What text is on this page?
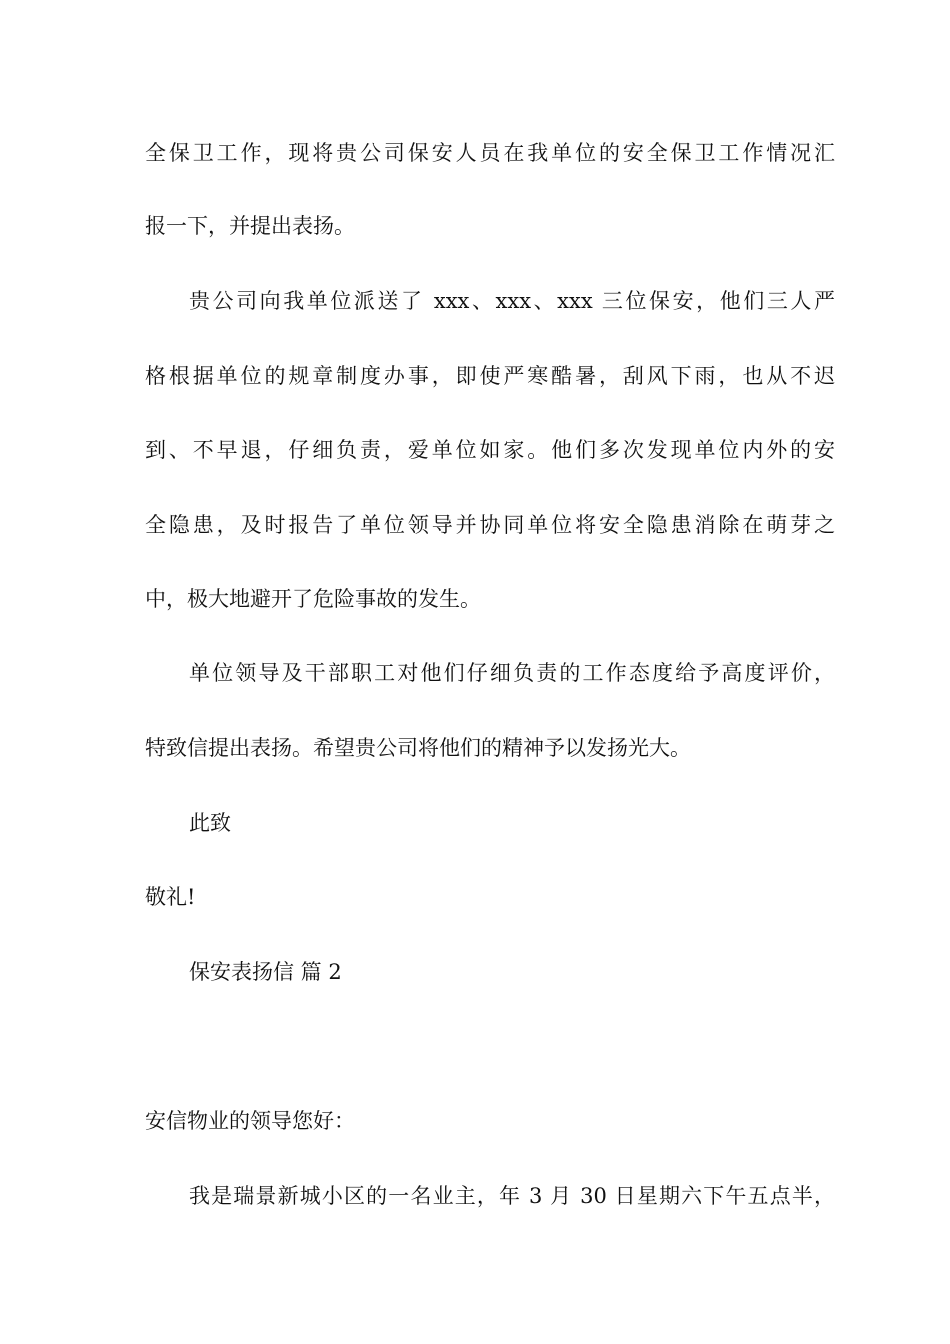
全保卫工作，现将贵公司保安人员在我单位的安全保卫工作情况汇

报一下，并提出表扬。

贵公司向我单位派送了 xxx、xxx、xxx 三位保安，他们三人严

格根据单位的规章制度办事，即使严寒酷暑，刮风下雨，也从不迟

到、不早退，仔细负责，爱单位如家。他们多次发现单位内外的安

全隐患，及时报告了单位领导并协同单位将安全隐患消除在萌芽之

中，极大地避开了危险事故的发生。

单位领导及干部职工对他们仔细负责的工作态度给予高度评价，

特致信提出表扬。希望贵公司将他们的精神予以发扬光大。

此致

敬礼!

保安表扬信 篇 2

安信物业的领导您好：

我是瑞景新城小区的一名业主，年 3 月 30 日星期六下午五点半，
